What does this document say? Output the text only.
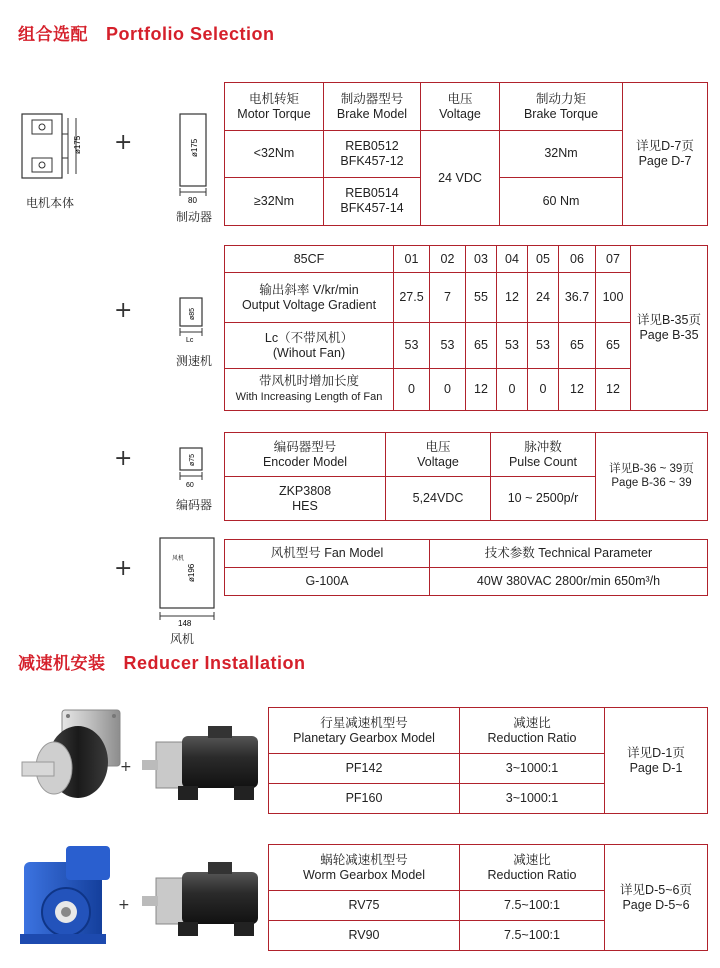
组合选配 Portfolio Selection
ø175
电机本体
+	ø175
80
制动器
电机转矩
Motor Torque	制动器型号
Brake Model	电压
Voltage	制动力矩
Brake Torque	详见D-7页
Page D-7
<32Nm	REB0512
BFK457-12	24 VDC	32Nm	
≥32Nm	REB0514
BFK457-14		60 Nm	
+	ø85
Lc
测速机
85CF	01	02	03	04	05	06	07	详见B-35页
Page B-35
输出斜率 V/kr/min
Output Voltage Gradient	27.5	7	55	12	24	36.7	100	
Lc（不带风机）
(Wihout Fan)	53	53	65	53	53	65	65	
带风机时增加长度
With Increasing Length of Fan	0	0	12	0	0	12	12	
+	ø75
60
编码器
编码器型号
Encoder Model	电压
Voltage	脉冲数
Pulse Count	详见B-36 ~ 39页
Page B-36 ~ 39
ZKP3808
HES	5,24VDC	10 ~ 2500p/r	
+	风机
ø196
148
风机
风机型号 Fan Model	技术参数 Technical Parameter
G-100A	40W 380VAC 2800r/min 650m³/h
减速机安装 Reducer Installation
+
行星减速机型号
Planetary Gearbox Model	减速比
Reduction Ratio	详见D-1页
Page D-1
PF142	3~1000:1	
PF160	3~1000:1	
+
蜗轮减速机型号
Worm Gearbox Model	减速比
Reduction Ratio	详见D-5~6页
Page D-5~6
RV75	7.5~100:1	
RV90	7.5~100:1	
